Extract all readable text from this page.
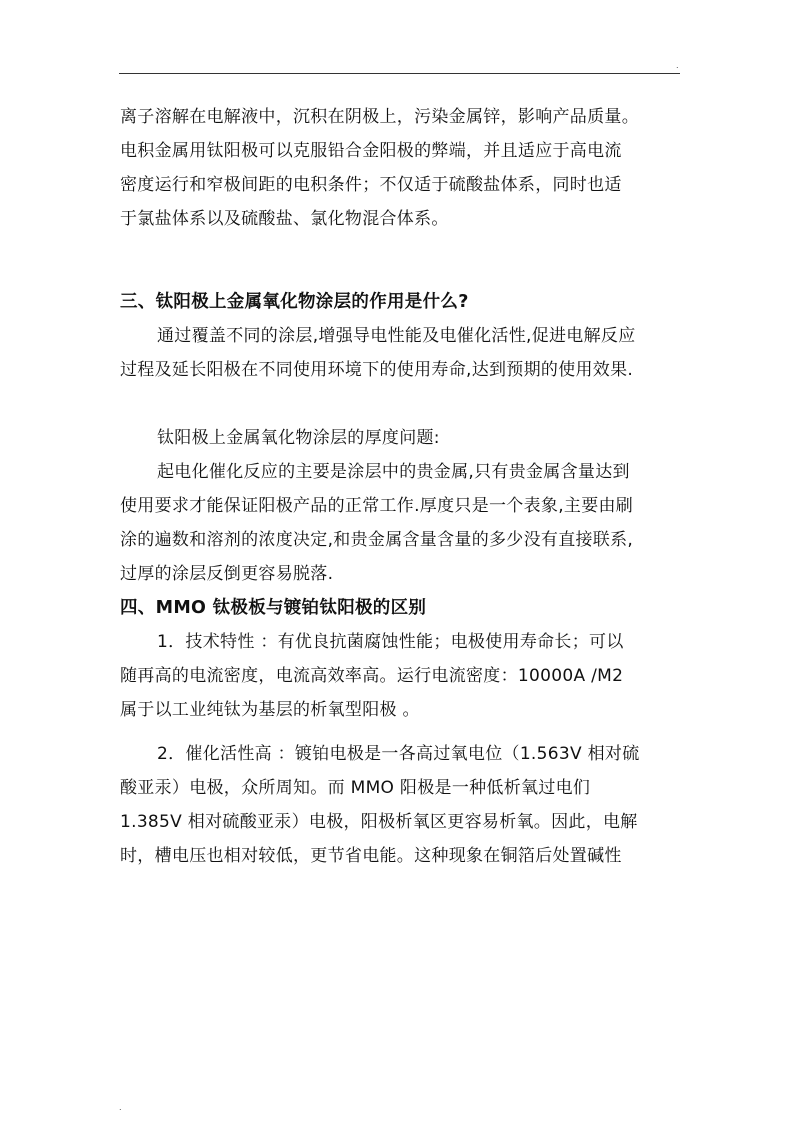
.
离子溶解在电解液中，沉积在阴极上，污染金属锌，影响产品质量。
电积金属用钛阳极可以克服铅合金阳极的弊端，并且适应于高电流
密度运行和窄极间距的电积条件；不仅适于硫酸盐体系，同时也适
于氯盐体系以及硫酸盐、氯化物混合体系。
三、钛阳极上金属氧化物涂层的作用是什么?
通过覆盖不同的涂层,增强导电性能及电催化活性,促进电解反应
过程及延长阳极在不同使用环境下的使用寿命,达到预期的使用效果.
钛阳极上金属氧化物涂层的厚度问题:
起电化催化反应的主要是涂层中的贵金属,只有贵金属含量达到
使用要求才能保证阳极产品的正常工作.厚度只是一个表象,主要由刷
涂的遍数和溶剂的浓度决定,和贵金属含量含量的多少没有直接联系,
过厚的涂层反倒更容易脱落.
四、MMO 钛极板与镀铂钛阳极的区别
1．技术特性 ：有优良抗菌腐蚀性能；电极使用寿命长；可以
随再高的电流密度，电流高效率高。运行电流密度：10000A /M2
属于以工业纯钛为基层的析氧型阳极 。
2．催化活性高 ：镀铂电极是一各高过氧电位（1.563V 相对硫
酸亚汞）电极，众所周知。而 MMO 阳极是一种低析氧过电们
1.385V 相对硫酸亚汞）电极，阳极析氧区更容易析氧。因此，电解
时，槽电压也相对较低，更节省电能。这种现象在铜箔后处置碱性
.
